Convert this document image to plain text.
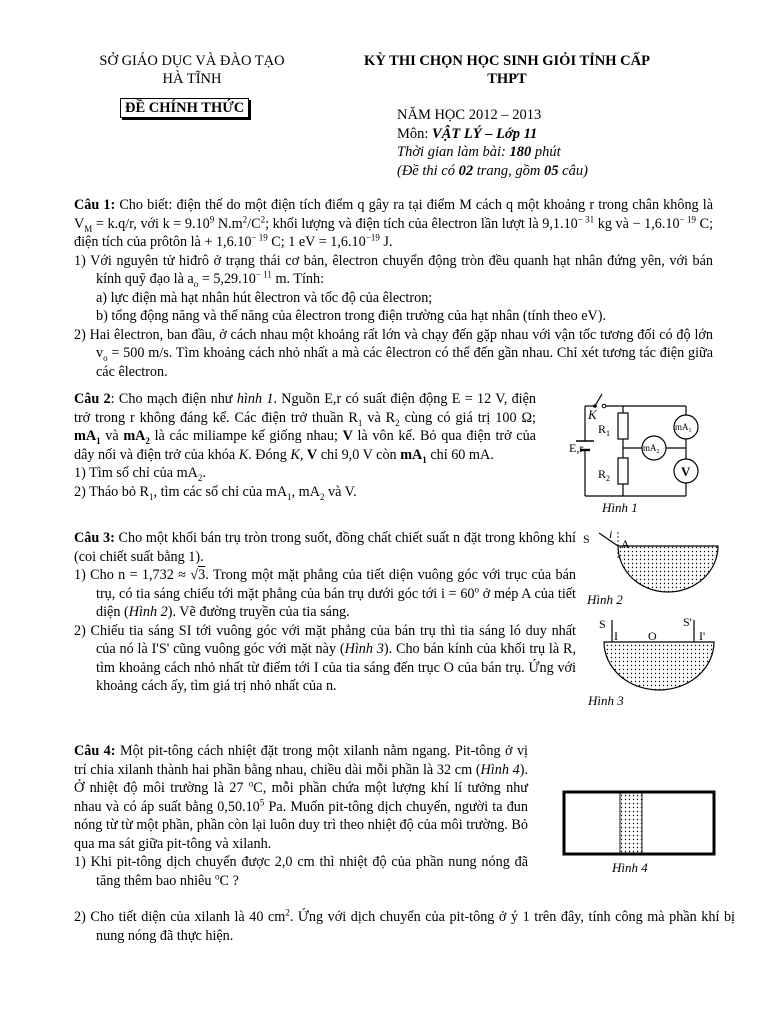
SỞ GIÁO DỤC VÀ ĐÀO TẠO
HÀ TĨNH
ĐỀ CHÍNH THỨC
KỲ THI CHỌN HỌC SINH GIỎI TỈNH CẤP
THPT
NĂM HỌC 2012 – 2013
Môn: VẬT LÝ – Lớp 11
Thời gian làm bài: 180 phút
(Đề thi có 02 trang, gồm 05 câu)
Câu 1: Cho biết: điện thế do một điện tích điểm q gây ra tại điểm M cách q một khoảng r trong chân không là $V_M = k.q/r$, với $k = 9.10^9$ $N.m^2/C^2$; khối lượng và điện tích của êlectron lần lượt là $9,1.10^{- 31}$ kg và − $1,6.10^{- 19}$ C; điện tích của prôtôn là + $1,6.10^{- 19}$ C; 1 eV = $1,6.10^{-19}$ J.
1) Với nguyên tử hiđrô ở trạng thái cơ bản, êlectron chuyển động tròn đều quanh hạt nhân đứng yên, với bán kính quỹ đạo là $a_o = 5,29.10^{- 11}$ m. Tính:
a) lực điện mà hạt nhân hút êlectron và tốc độ của êlectron;
b) tổng động năng và thế năng của êlectron trong điện trường của hạt nhân (tính theo eV).
2) Hai êlectron, ban đầu, ở cách nhau một khoảng rất lớn và chạy đến gặp nhau với vận tốc tương đối có độ lớn $v_o = 500$ m/s. Tìm khoảng cách nhỏ nhất a mà các êlectron có thể đến gần nhau. Chỉ xét tương tác điện giữa các êlectron.
Câu 2: Cho mạch điện như hình 1. Nguồn E,r có suất điện động E = 12 V, điện trở trong r không đáng kể. Các điện trở thuần $R_1$ và $R_2$ cùng có giá trị 100 Ω; $mA_1$ và $mA_2$ là các miliampe kế giống nhau; V là vôn kế. Bỏ qua điện trở của dây nối và điện trở của khóa K. Đóng K, V chỉ 9,0 V còn $mA_1$ chỉ 60 mA.
1) Tìm số chỉ của $mA_2$.
2) Tháo bỏ $R_1$, tìm các số chỉ của $mA_1$, $mA_2$ và V.
K
$R_1$
$R_2$
E,r
$mA_1$
$mA_2$
V
Hình 1
Câu 3: Cho một khối bán trụ tròn trong suốt, đồng chất chiết suất n đặt trong không khí (coi chiết suất bằng 1).
1) Cho n = 1,732 ≈ √3. Trong một mặt phẳng của tiết diện vuông góc với trục của bán trụ, có tia sáng chiếu tới mặt phẳng của bán trụ dưới góc tới $i = 60^o$ ở mép A của tiết diện (Hình 2). Vẽ đường truyền của tia sáng.
2) Chiếu tia sáng SI tới vuông góc với mặt phẳng của bán trụ thì tia sáng ló duy nhất của nó là I'S' cũng vuông góc với mặt này (Hình 3). Cho bán kính của khối trụ là R, tìm khoảng cách nhỏ nhất từ điểm tới I của tia sáng đến trục O của bán trụ. Ứng với khoảng cách ấy, tìm giá trị nhỏ nhất của n.
S i
A
Hình 2
S	S'
I	O	I'
Hình 3
Câu 4: Một pit-tông cách nhiệt đặt trong một xilanh nằm ngang. Pit-tông ở vị trí chia xilanh thành hai phần bằng nhau, chiều dài mỗi phần là 32 cm (Hình 4). Ở nhiệt độ môi trường là 27 $^o$C, mỗi phần chứa một lượng khí lí tưởng như nhau và có áp suất bằng 0,50.10$^5$ Pa. Muốn pit-tông dịch chuyển, người ta đun nóng từ từ một phần, phần còn lại luôn duy trì theo nhiệt độ của môi trường. Bỏ qua ma sát giữa pit-tông và xilanh.
1) Khi pit-tông dịch chuyển được 2,0 cm thì nhiệt độ của phần nung nóng đã tăng thêm bao nhiêu $^o$C ?
2) Cho tiết diện của xilanh là 40 $cm^2$. Ứng với dịch chuyển của pit-tông ở ý 1 trên đây, tính công mà phần khí bị nung nóng đã thực hiện.
Hình 4
